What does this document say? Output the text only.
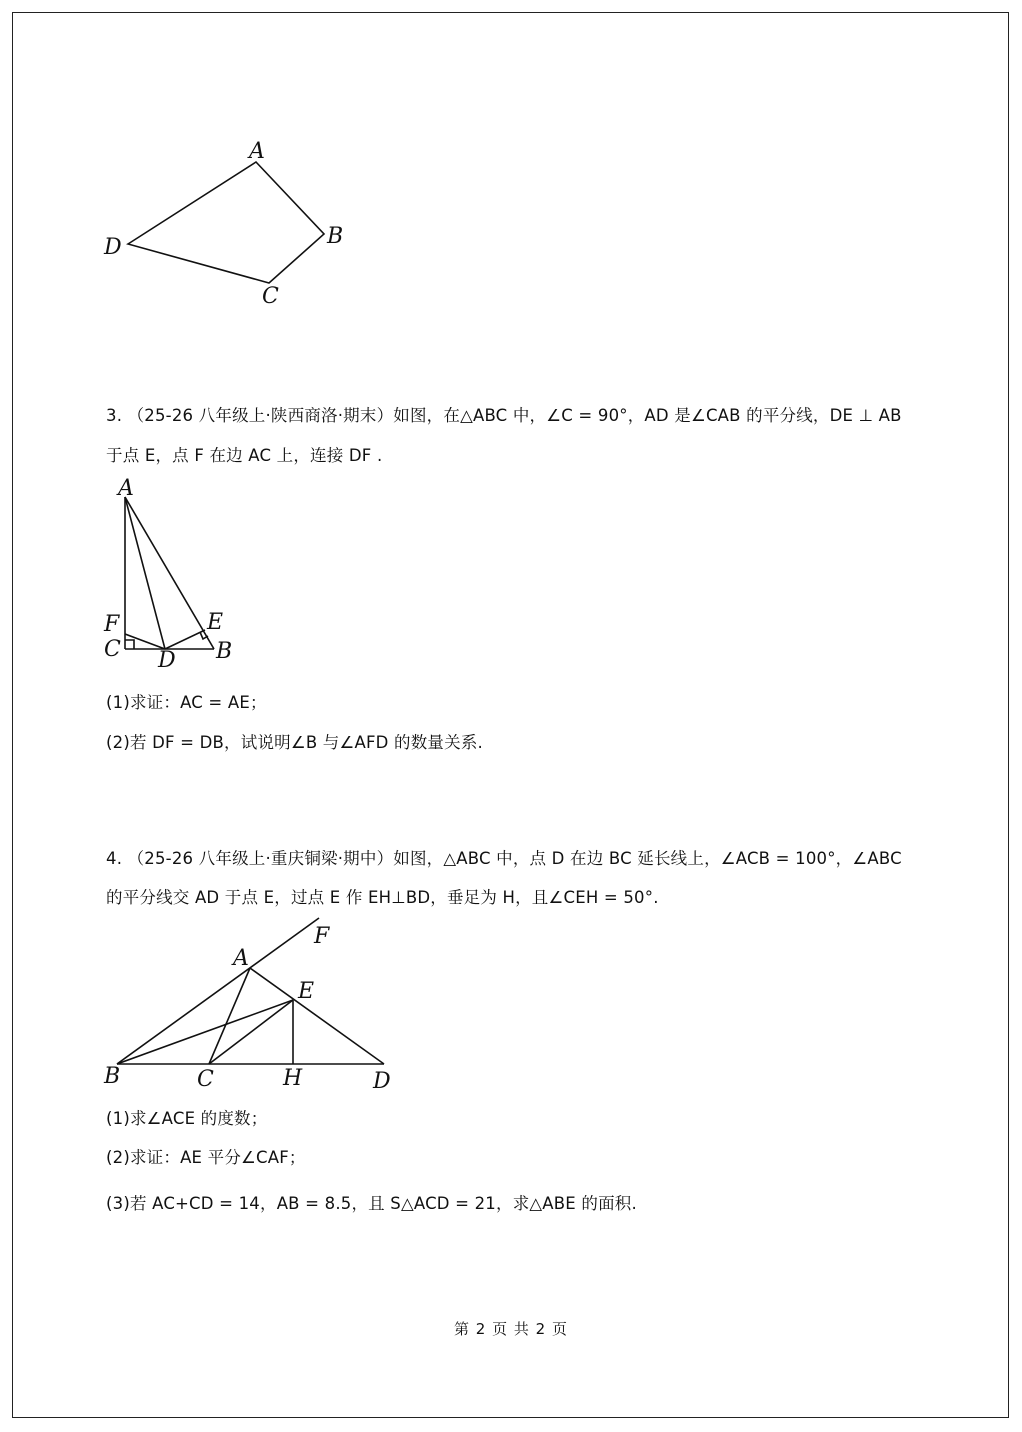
A
B
C
D
3. （25-26 八年级上·陕西商洛·期末）如图，在△ABC 中，∠C = 90°，AD 是∠CAB 的平分线，DE ⊥ AB
于点 E，点 F 在边 AC 上，连接 DF .
A
F	E
C D B
(1)求证：AC = AE；
(2)若 DF = DB，试说明∠B 与∠AFD 的数量关系.
4. （25-26 八年级上·重庆铜梁·期中）如图，△ABC 中，点 D 在边 BC 延长线上，∠ACB = 100°，∠ABC
的平分线交 AD 于点 E，过点 E 作 EH⊥BD，垂足为 H，且∠CEH = 50°.
F
A
E
B	C	H	D
(1)求∠ACE 的度数；
(2)求证：AE 平分∠CAF；
(3)若 AC+CD = 14，AB = 8.5，且 S△ACD = 21，求△ABE 的面积.
第 2 页 共 2 页
